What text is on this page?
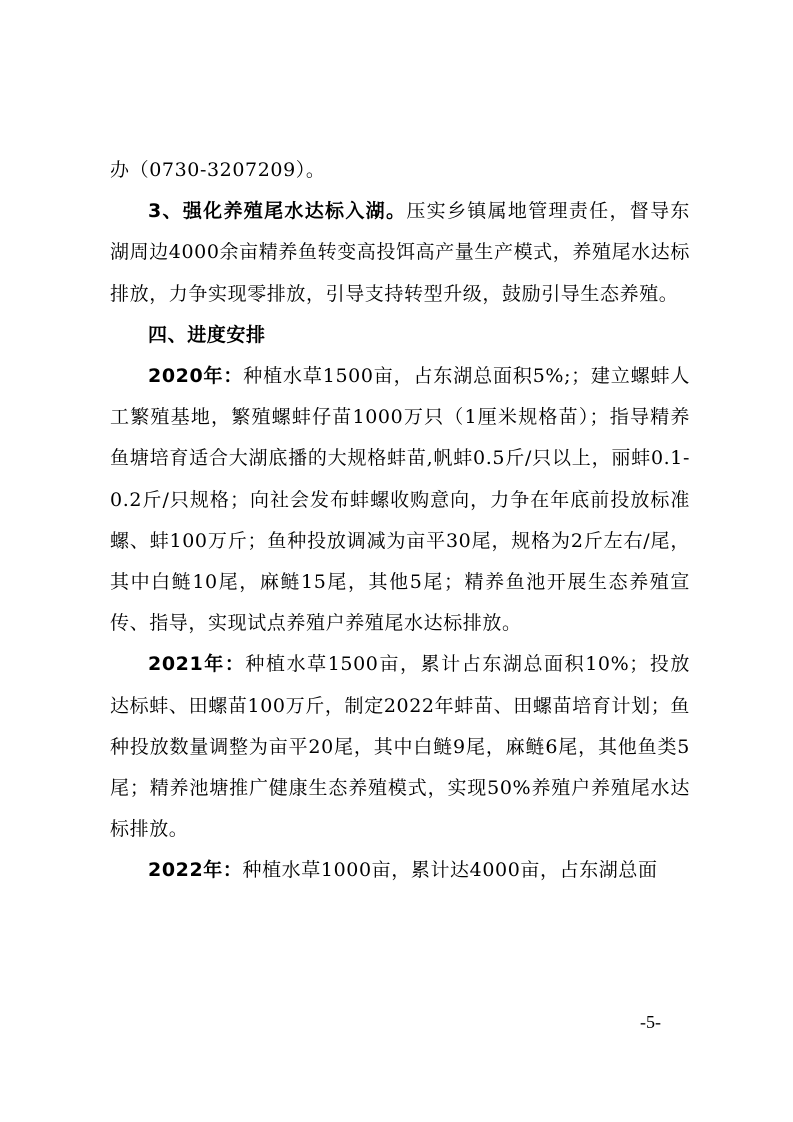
办（0730-3207209）。

3、强化养殖尾水达标入湖。压实乡镇属地管理责任，督导东湖周边4000余亩精养鱼转变高投饵高产量生产模式，养殖尾水达标排放，力争实现零排放，引导支持转型升级，鼓励引导生态养殖。

四、进度安排

2020年：种植水草1500亩，占东湖总面积5%;；建立螺蚌人工繁殖基地，繁殖螺蚌仔苗1000万只（1厘米规格苗）；指导精养鱼塘培育适合大湖底播的大规格蚌苗,帆蚌0.5斤/只以上，丽蚌0.1-0.2斤/只规格；向社会发布蚌螺收购意向，力争在年底前投放标准螺、蚌100万斤；鱼种投放调减为亩平30尾，规格为2斤左右/尾，其中白鲢10尾，麻鲢15尾，其他5尾；精养鱼池开展生态养殖宣传、指导，实现试点养殖户养殖尾水达标排放。

2021年：种植水草1500亩，累计占东湖总面积10%；投放达标蚌、田螺苗100万斤，制定2022年蚌苗、田螺苗培育计划；鱼种投放数量调整为亩平20尾，其中白鲢9尾，麻鲢6尾，其他鱼类5尾；精养池塘推广健康生态养殖模式，实现50%养殖户养殖尾水达标排放。

2022年：种植水草1000亩，累计达4000亩，占东湖总面

-5-
